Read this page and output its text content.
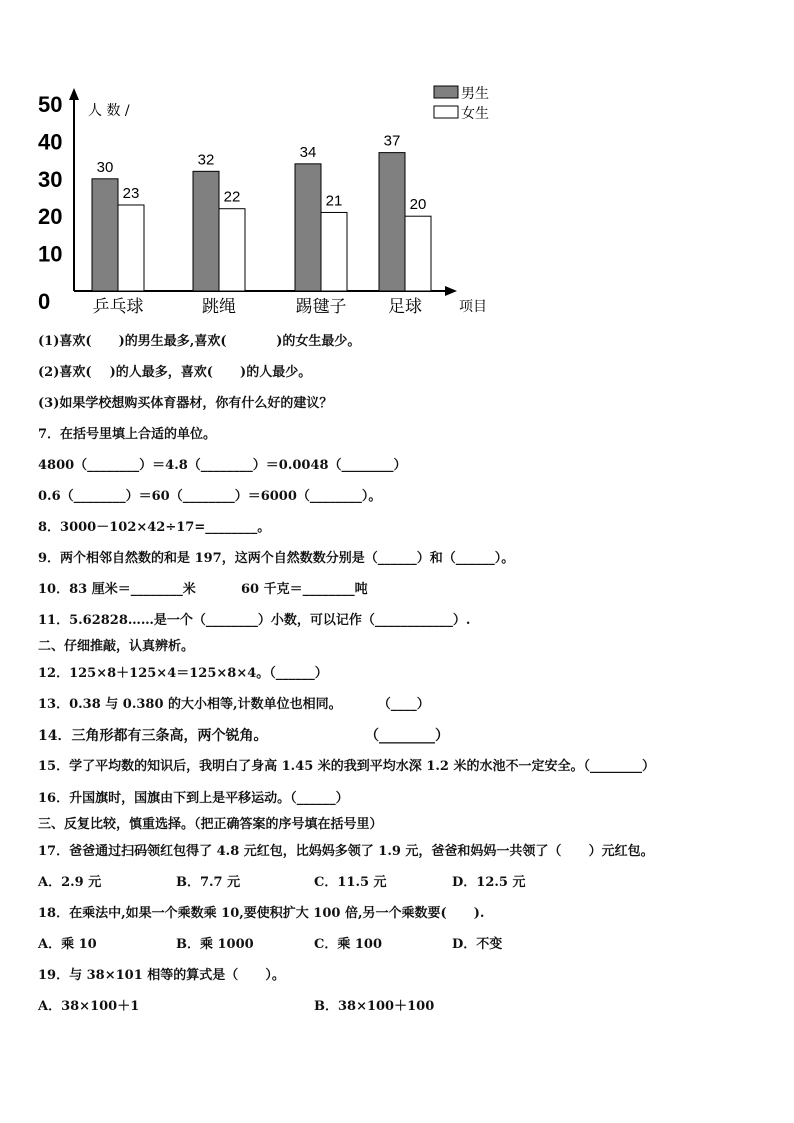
0
10
20
30
40
50 人 数 /
项目
30
23
乒乓球
32
22
跳绳
34
21
踢毽子
37
20
足球
男生
女生

(1)喜欢(      )的男生最多,喜欢(           )的女生最少。

(2)喜欢(    )的人最多，喜欢(      )的人最少。

(3)如果学校想购买体育器材，你有什么好的建议？

7．在括号里填上合适的单位。

4800（________）＝4.8（________）＝0.0048（________）

0.6（________）＝60（________）＝6000（________）。

8．3000－102×42÷17=________。

9．两个相邻自然数的和是 197，这两个自然数数分别是（______）和（______）。

10．83 厘米＝________米          60 千克＝________吨

11．5.62828……是一个（________）小数，可以记作（____________）.

二、仔细推敲，认真辨析。

12．125×8＋125×4＝125×8×4。（______）

13．0.38 与 0.380 的大小相等,计数单位也相同。        （____）

14．三角形都有三条高，两个锐角。                    （________）

15．学了平均数的知识后，我明白了身高 1.45 米的我到平均水深 1.2 米的水池不一定安全。（________）

16．升国旗时，国旗由下到上是平移运动。（______）

三、反复比较，慎重选择。（把正确答案的序号填在括号里）

17．爸爸通过扫码领红包得了 4.8 元红包，比妈妈多领了 1.9 元，爸爸和妈妈一共领了（      ）元红包。

A．2.9 元	B．7.7 元	C．11.5 元	D．12.5 元

18．在乘法中,如果一个乘数乘 10,要使积扩大 100 倍,另一个乘数要(      ).

A．乘 10	B．乘 1000	C．乘 100	D．不变

19．与 38×101 相等的算式是（      ）。

A．38×100＋1	B．38×100＋100
